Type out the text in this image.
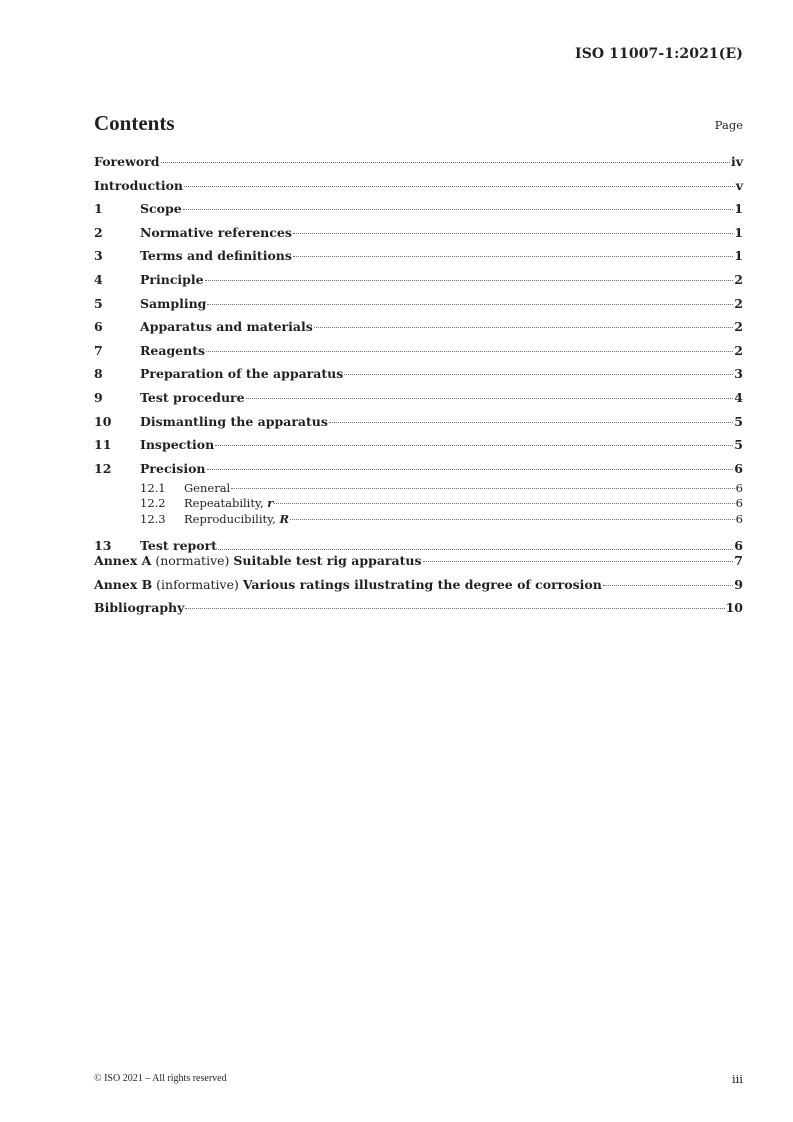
ISO 11007-1:2021(E)
Contents	Page
Foreword	iv
Introduction	v
1	Scope	1
2	Normative references	1
3	Terms and definitions	1
4	Principle	2
5	Sampling	2
6	Apparatus and materials	2
7	Reagents	2
8	Preparation of the apparatus	3
9	Test procedure	4
10	Dismantling the apparatus	5
11	Inspection	5
12	Precision	6
12.1	General	6
12.2	Repeatability, r	6
12.3	Reproducibility, R	6
13	Test report	6
Annex A (normative) Suitable test rig apparatus	7
Annex B (informative) Various ratings illustrating the degree of corrosion	9
Bibliography	10
© ISO 2021 – All rights reserved	iii
